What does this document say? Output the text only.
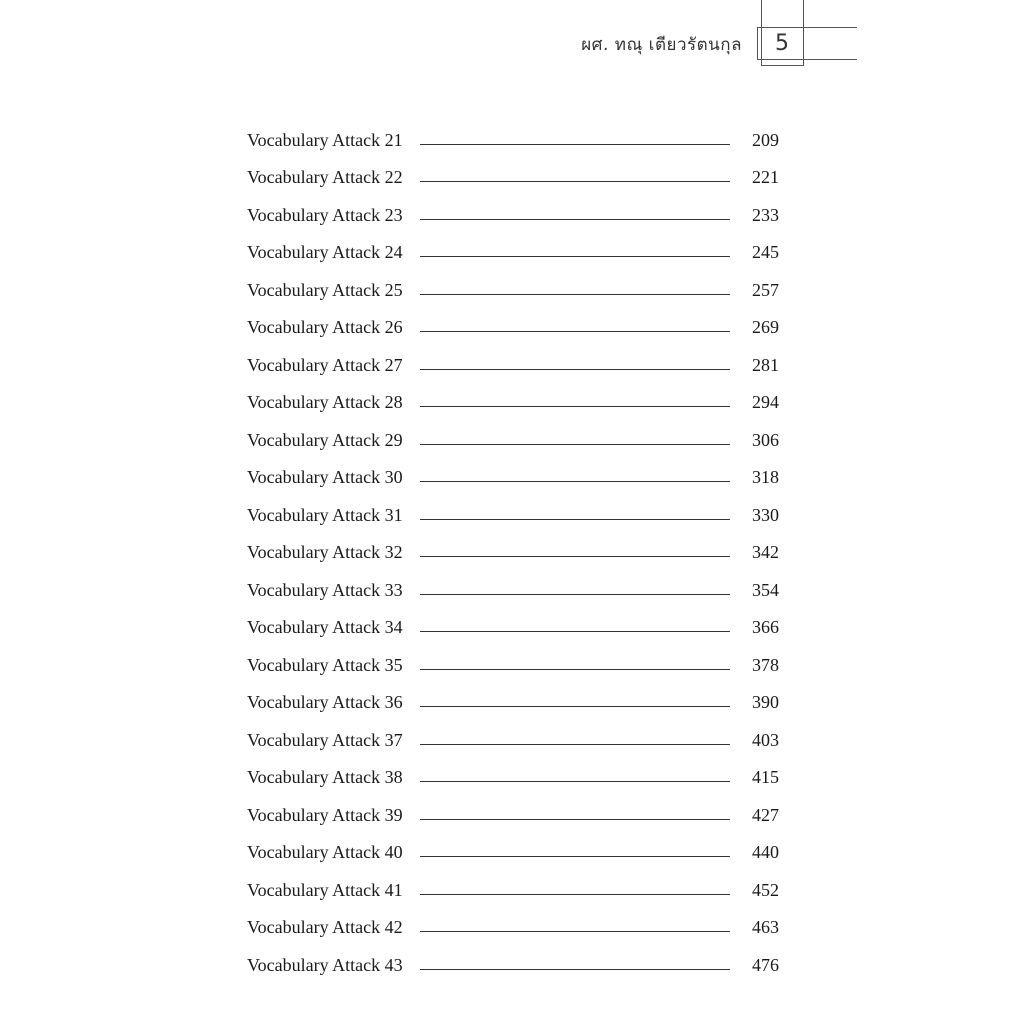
ผศ. ทณุ เตียวรัตนกุล	5
Vocabulary Attack 21	209
Vocabulary Attack 22	221
Vocabulary Attack 23	233
Vocabulary Attack 24	245
Vocabulary Attack 25	257
Vocabulary Attack 26	269
Vocabulary Attack 27	281
Vocabulary Attack 28	294
Vocabulary Attack 29	306
Vocabulary Attack 30	318
Vocabulary Attack 31	330
Vocabulary Attack 32	342
Vocabulary Attack 33	354
Vocabulary Attack 34	366
Vocabulary Attack 35	378
Vocabulary Attack 36	390
Vocabulary Attack 37	403
Vocabulary Attack 38	415
Vocabulary Attack 39	427
Vocabulary Attack 40	440
Vocabulary Attack 41	452
Vocabulary Attack 42	463
Vocabulary Attack 43	476
